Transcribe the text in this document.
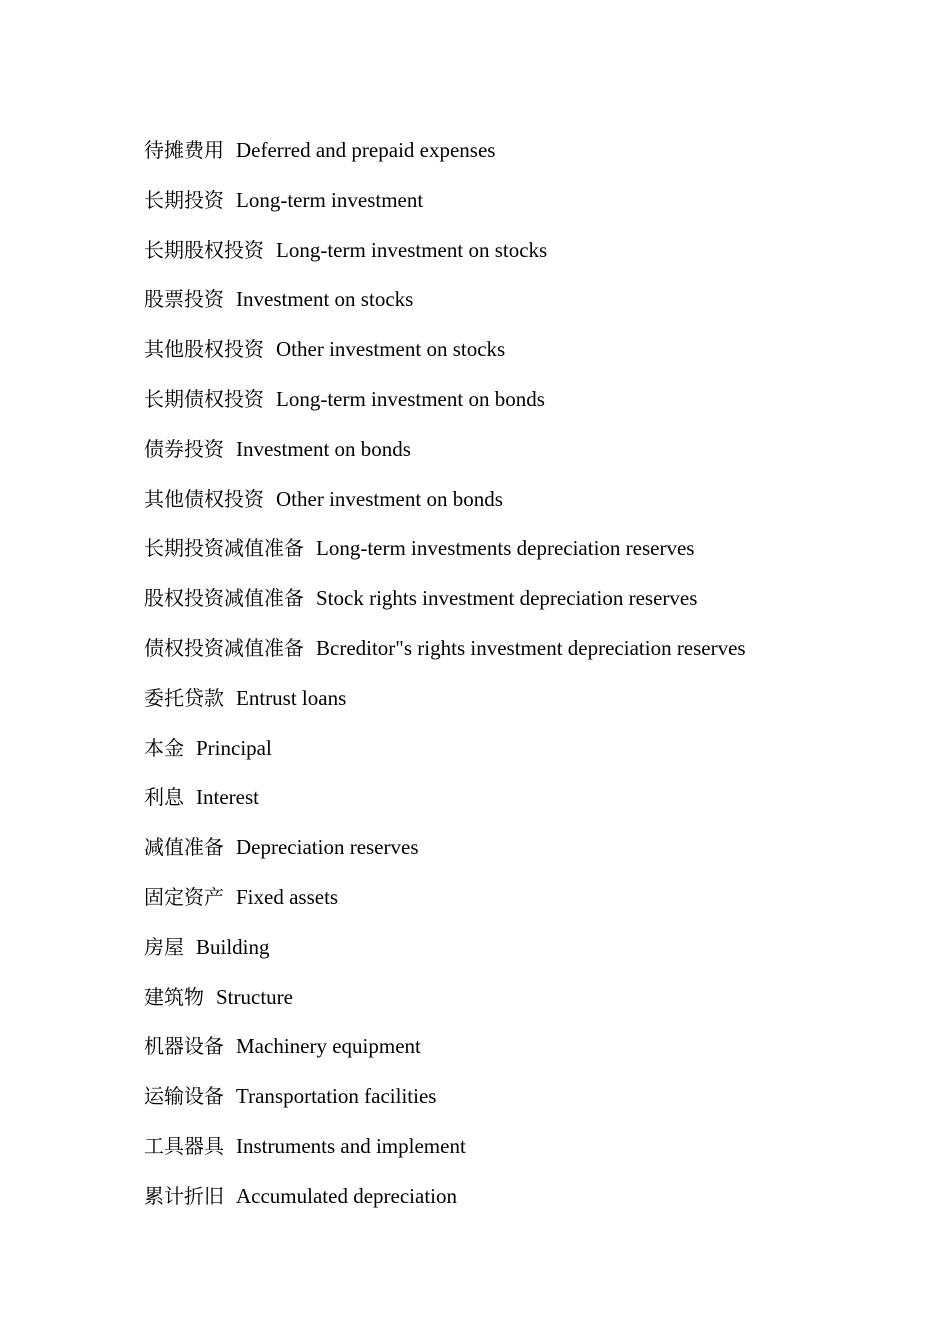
待摊费用 Deferred and prepaid expenses
长期投资 Long-term investment
长期股权投资 Long-term investment on stocks
股票投资 Investment on stocks
其他股权投资 Other investment on stocks
长期债权投资 Long-term investment on bonds
债券投资 Investment on bonds
其他债权投资 Other investment on bonds
长期投资减值准备 Long-term investments depreciation reserves
股权投资减值准备 Stock rights investment depreciation reserves
债权投资减值准备 Bcreditor"s rights investment depreciation reserves
委托贷款 Entrust loans
本金 Principal
利息 Interest
减值准备 Depreciation reserves
固定资产 Fixed assets
房屋 Building
建筑物 Structure
机器设备 Machinery equipment
运输设备 Transportation facilities
工具器具 Instruments and implement
累计折旧 Accumulated depreciation
